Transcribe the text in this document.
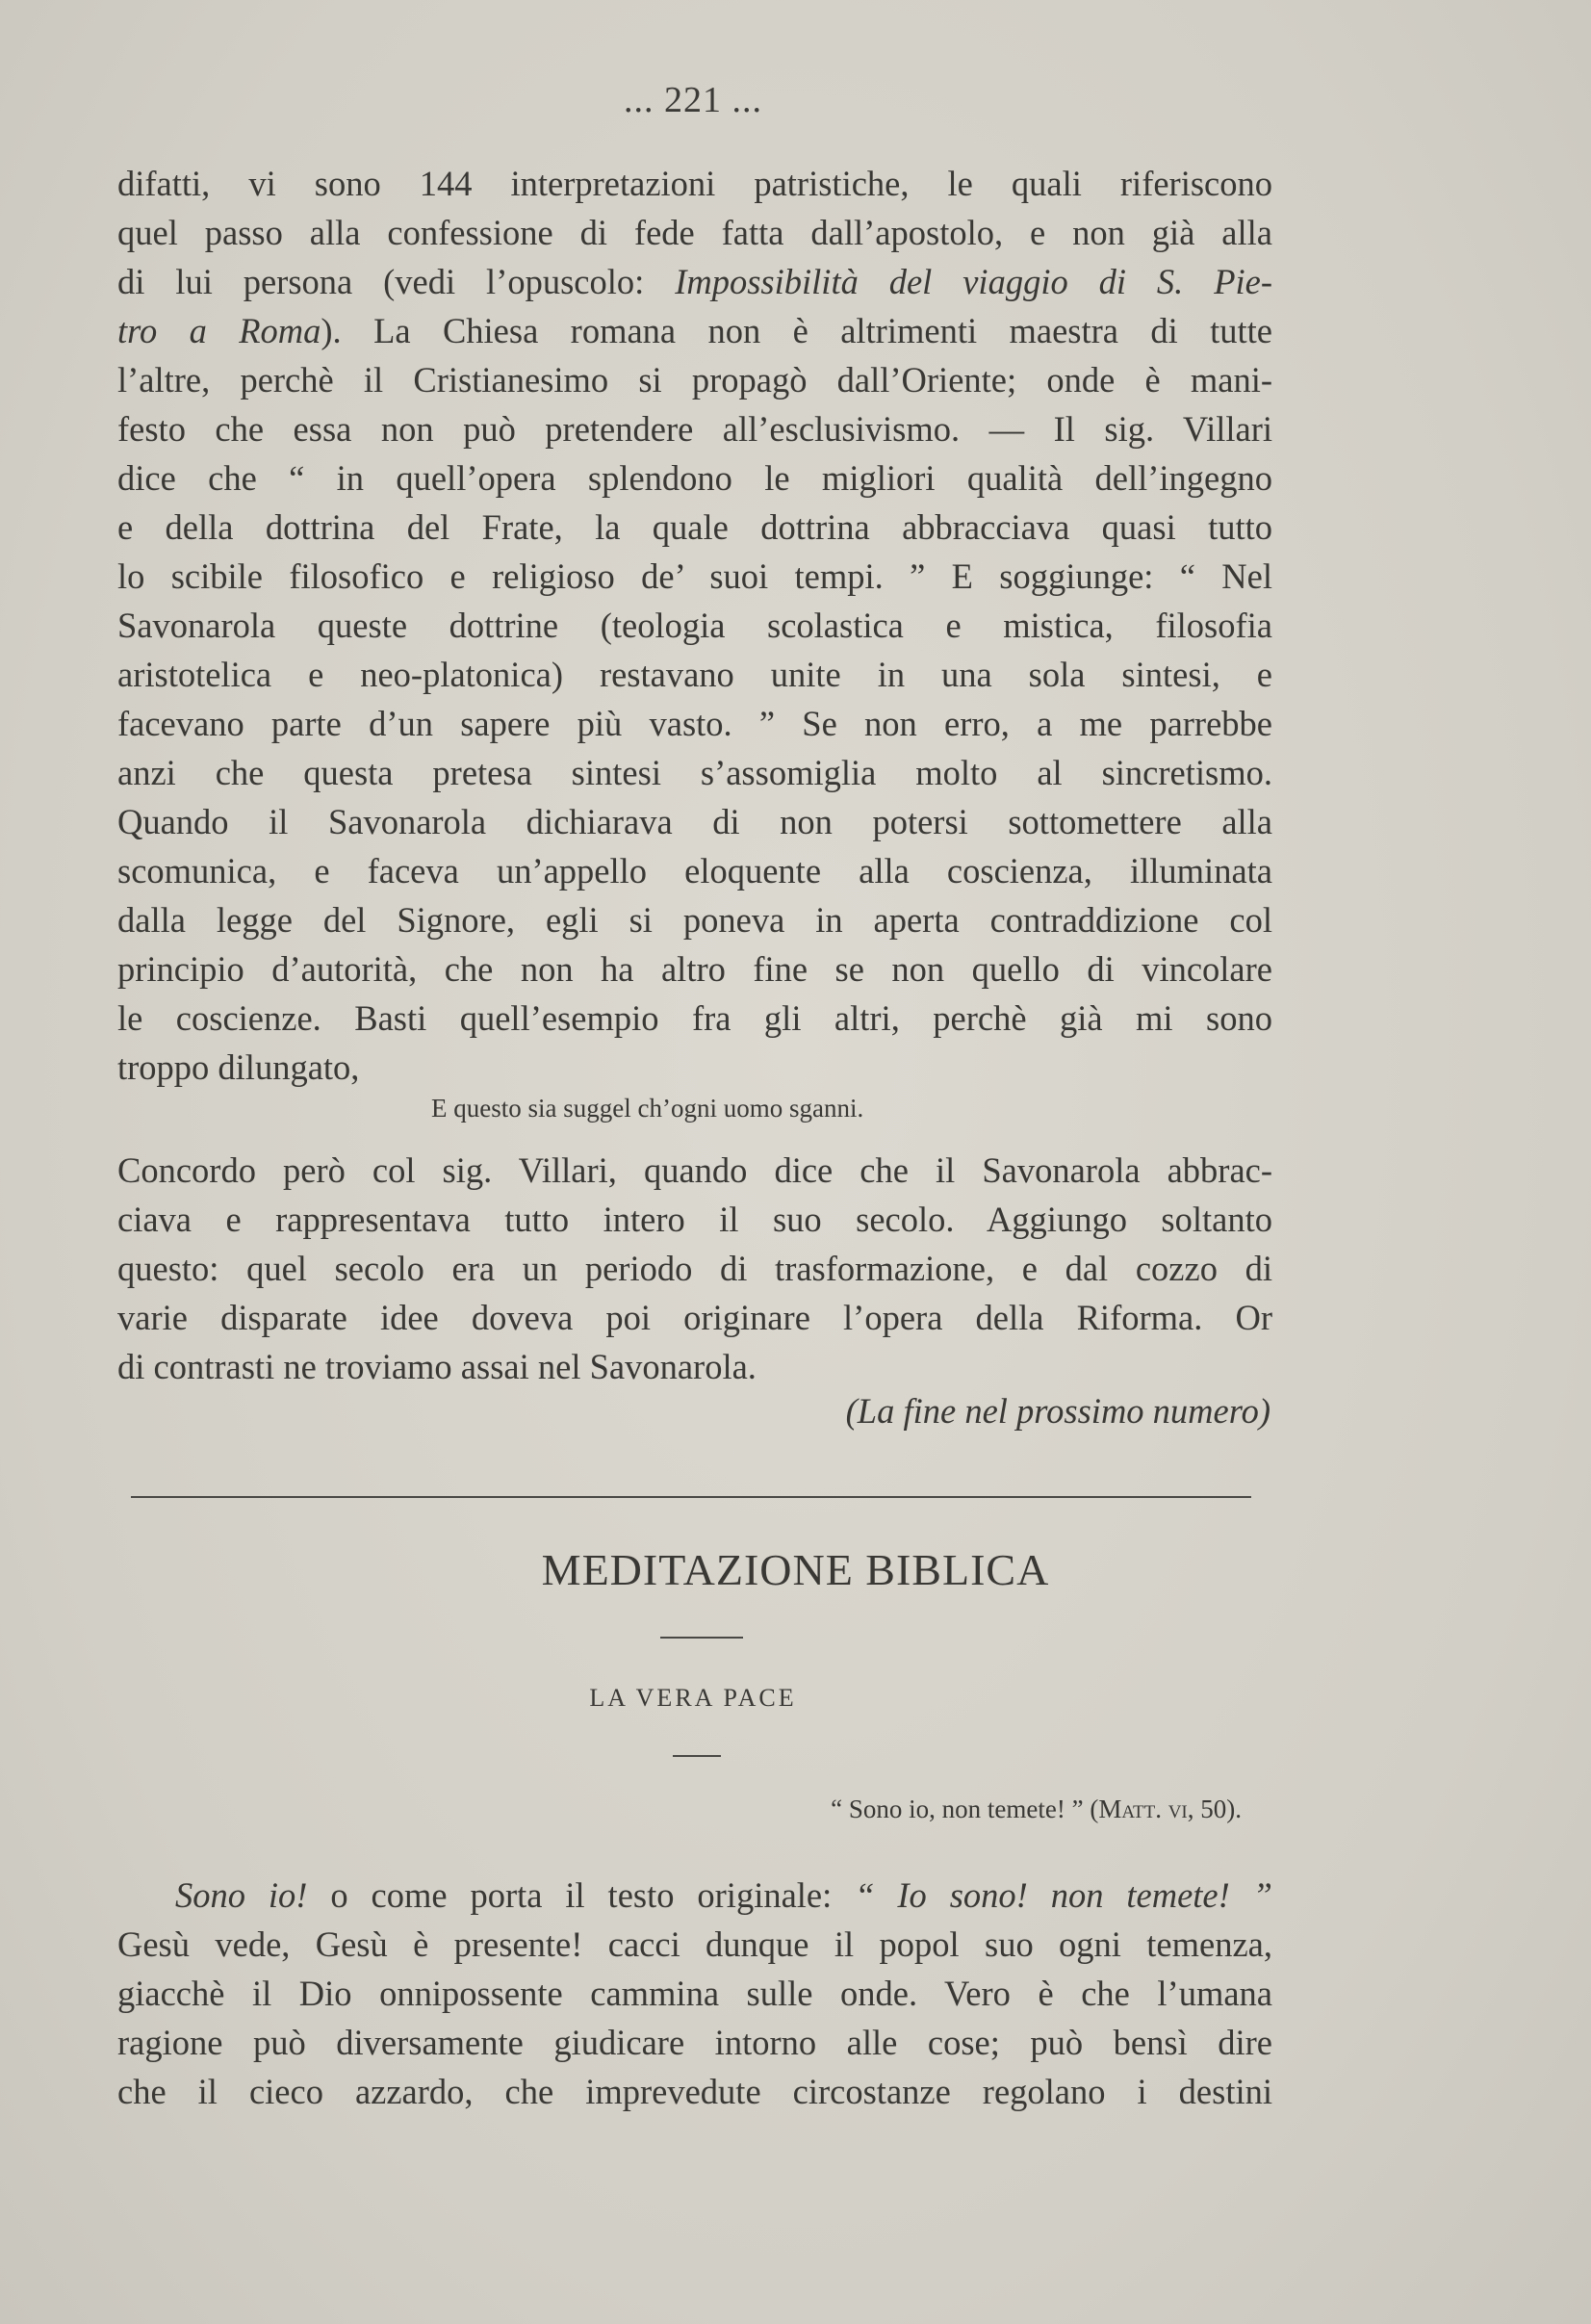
... 221 ...
difatti, vi sono 144 interpretazioni patristiche, le quali riferiscono
quel passo alla confessione di fede fatta dall’apostolo, e non già alla
di lui persona (vedi l’opuscolo: Impossibilità del viaggio di S. Pie-
tro a Roma). La Chiesa romana non è altrimenti maestra di tutte
l’altre, perchè il Cristianesimo si propagò dall’Oriente; onde è mani-
festo che essa non può pretendere all’esclusivismo. — Il sig. Villari
dice che “ in quell’opera splendono le migliori qualità dell’ingegno
e della dottrina del Frate, la quale dottrina abbracciava quasi tutto
lo scibile filosofico e religioso de’ suoi tempi. ” E soggiunge: “ Nel
Savonarola queste dottrine (teologia scolastica e mistica, filosofia
aristotelica e neo-platonica) restavano unite in una sola sintesi, e
facevano parte d’un sapere più vasto. ” Se non erro, a me parrebbe
anzi che questa pretesa sintesi s’assomiglia molto al sincretismo.
Quando il Savonarola dichiarava di non potersi sottomettere alla
scomunica, e faceva un’appello eloquente alla coscienza, illuminata
dalla legge del Signore, egli si poneva in aperta contraddizione col
principio d’autorità, che non ha altro fine se non quello di vincolare
le coscienze. Basti quell’esempio fra gli altri, perchè già mi sono
troppo dilungato,
E questo sia suggel ch’ogni uomo sganni.
Concordo però col sig. Villari, quando dice che il Savonarola abbrac-
ciava e rappresentava tutto intero il suo secolo. Aggiungo soltanto
questo: quel secolo era un periodo di trasformazione, e dal cozzo di
varie disparate idee doveva poi originare l’opera della Riforma. Or
di contrasti ne troviamo assai nel Savonarola.
(La fine nel prossimo numero)
MEDITAZIONE BIBLICA
LA VERA PACE
“ Sono io, non temete! ” (Matt. vi, 50).
Sono io! o come porta il testo originale: “ Io sono! non temete! ”
Gesù vede, Gesù è presente! cacci dunque il popol suo ogni temenza,
giacchè il Dio onnipossente cammina sulle onde. Vero è che l’umana
ragione può diversamente giudicare intorno alle cose; può bensì dire
che il cieco azzardo, che imprevedute circostanze regolano i destini
